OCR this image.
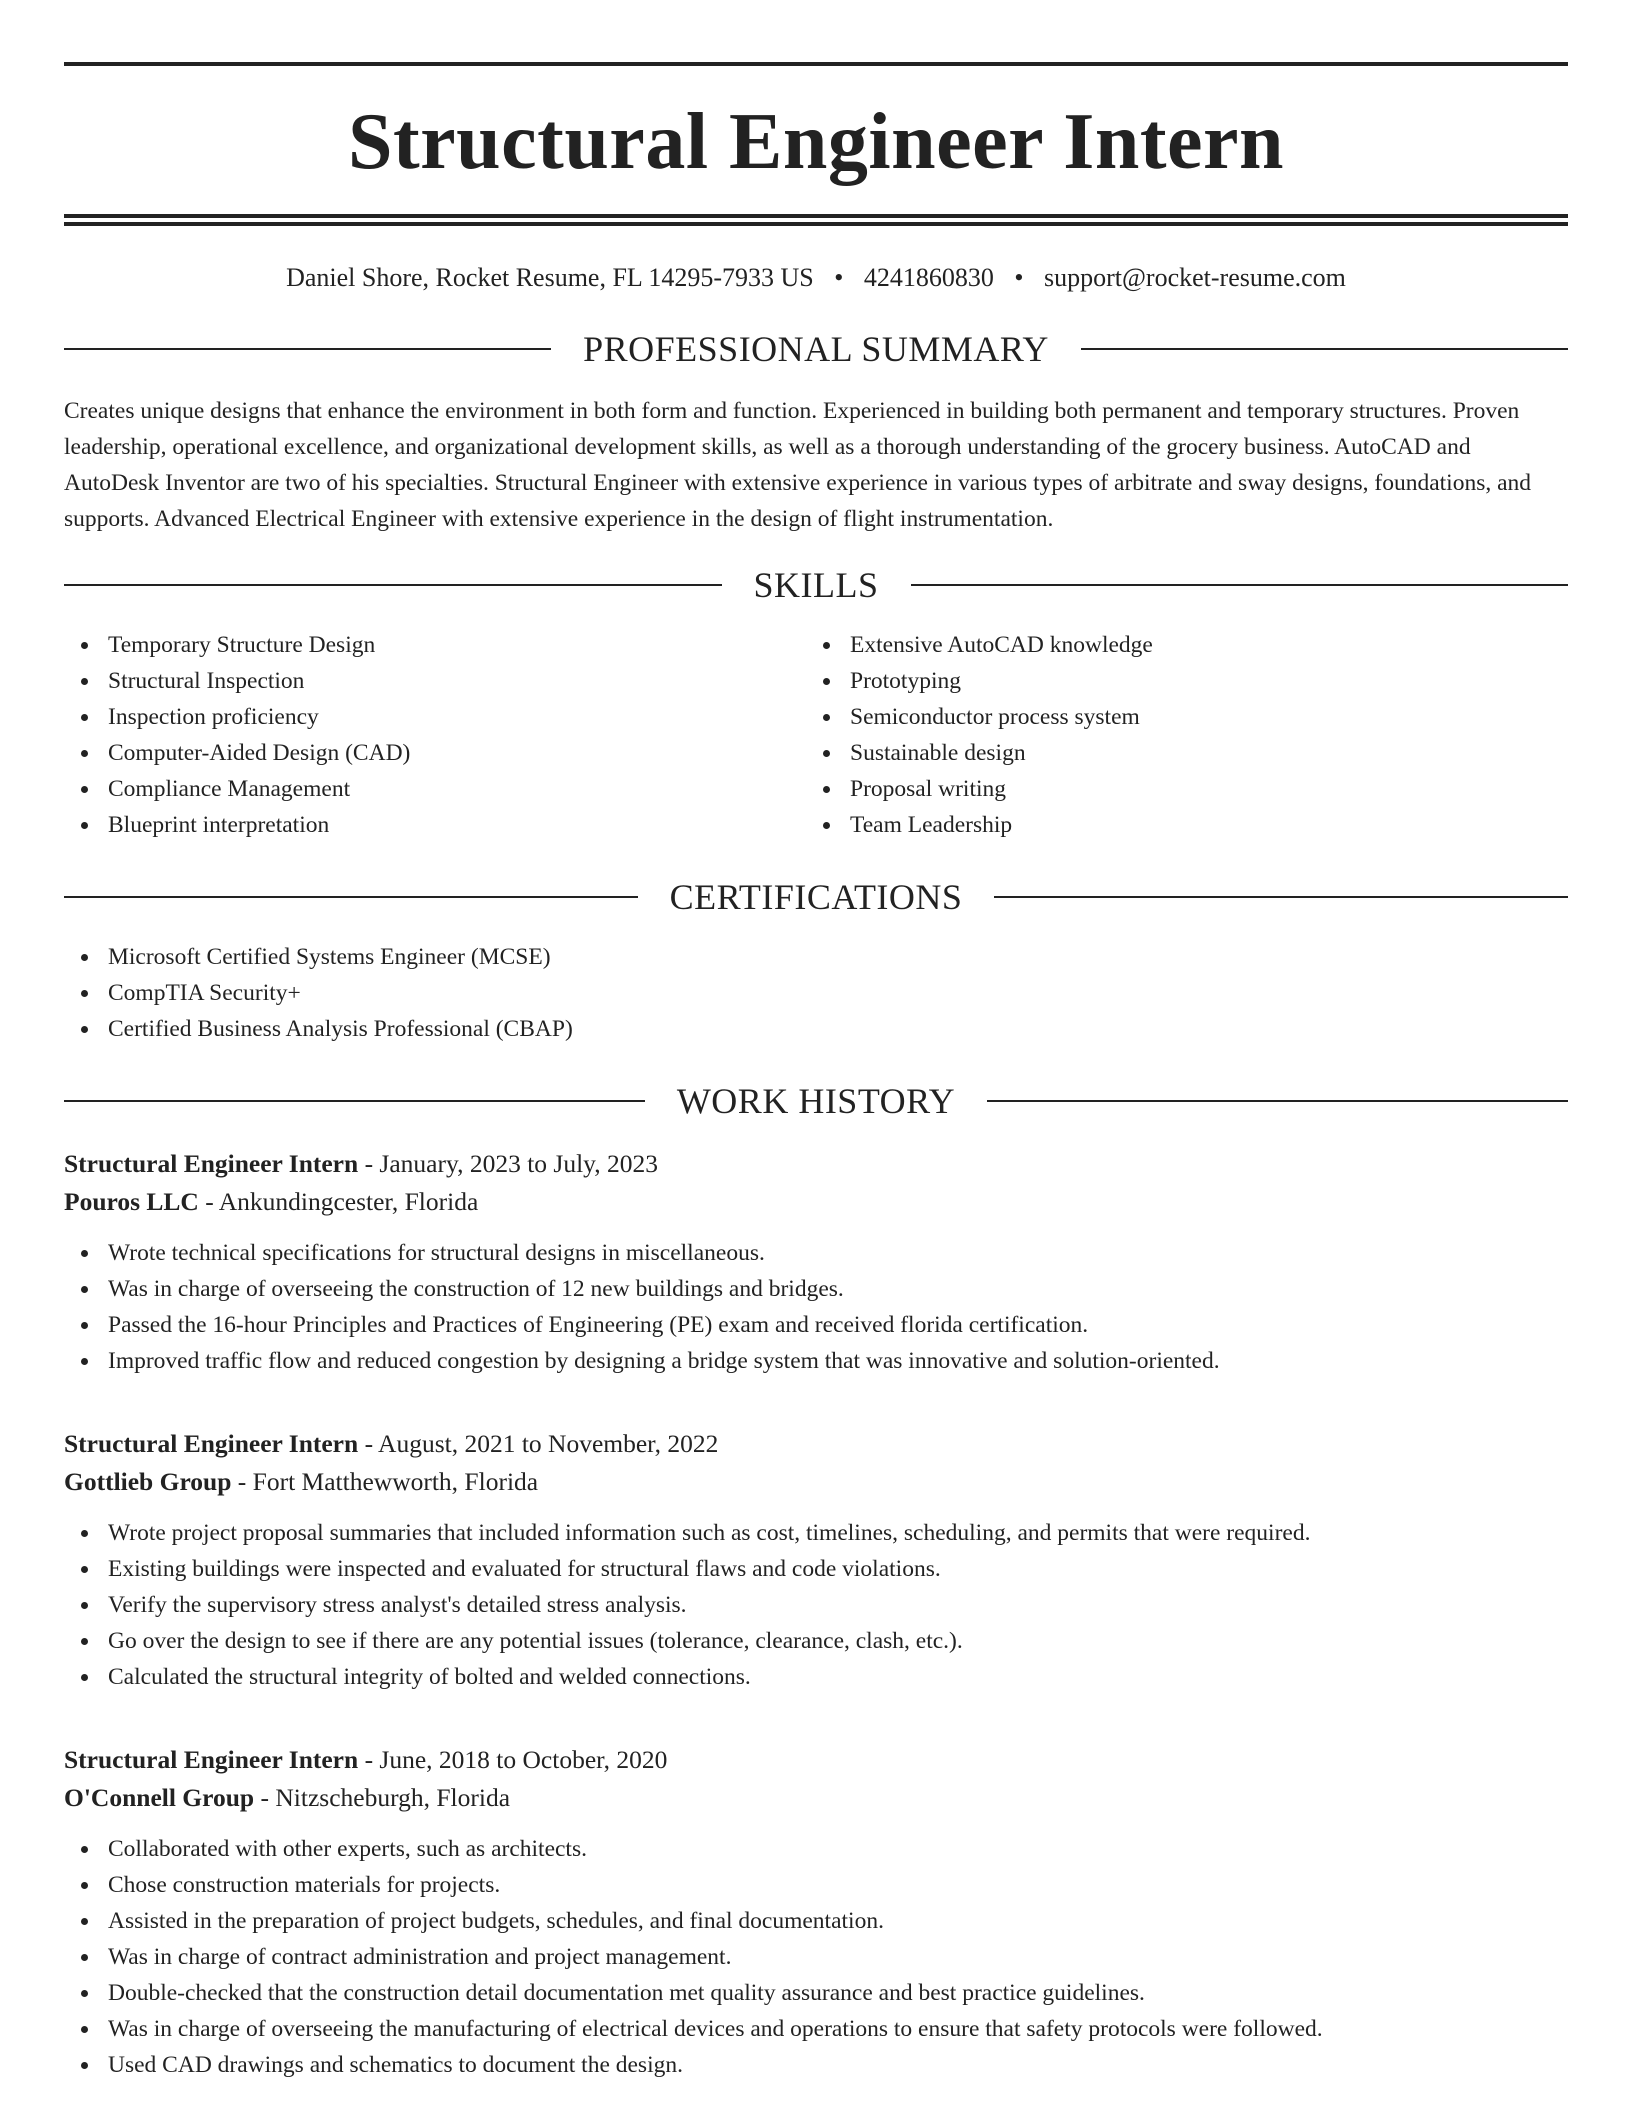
Structural Engineer Intern
Daniel Shore, Rocket Resume, FL 14295-7933 US • 4241860830 • support@rocket-resume.com
PROFESSIONAL SUMMARY

Creates unique designs that enhance the environment in both form and function. Experienced in building both permanent and temporary structures. Proven leadership, operational excellence, and organizational development skills, as well as a thorough understanding of the grocery business. AutoCAD and AutoDesk Inventor are two of his specialties. Structural Engineer with extensive experience in various types of arbitrate and sway designs, foundations, and supports. Advanced Electrical Engineer with extensive experience in the design of flight instrumentation.

SKILLS
Temporary Structure Design
Structural Inspection
Inspection proficiency
Computer-Aided Design (CAD)
Compliance Management
Blueprint interpretation
Extensive AutoCAD knowledge
Prototyping
Semiconductor process system
Sustainable design
Proposal writing
Team Leadership
CERTIFICATIONS
Microsoft Certified Systems Engineer (MCSE)
CompTIA Security+
Certified Business Analysis Professional (CBAP)
WORK HISTORY
Structural Engineer Intern - January, 2023 to July, 2023
Pouros LLC - Ankundingcester, Florida
Wrote technical specifications for structural designs in miscellaneous.
Was in charge of overseeing the construction of 12 new buildings and bridges.
Passed the 16-hour Principles and Practices of Engineering (PE) exam and received florida certification.
Improved traffic flow and reduced congestion by designing a bridge system that was innovative and solution-oriented.
Structural Engineer Intern - August, 2021 to November, 2022
Gottlieb Group - Fort Matthewworth, Florida
Wrote project proposal summaries that included information such as cost, timelines, scheduling, and permits that were required.
Existing buildings were inspected and evaluated for structural flaws and code violations.
Verify the supervisory stress analyst's detailed stress analysis.
Go over the design to see if there are any potential issues (tolerance, clearance, clash, etc.).
Calculated the structural integrity of bolted and welded connections.
Structural Engineer Intern - June, 2018 to October, 2020
O'Connell Group - Nitzscheburgh, Florida
Collaborated with other experts, such as architects.
Chose construction materials for projects.
Assisted in the preparation of project budgets, schedules, and final documentation.
Was in charge of contract administration and project management.
Double-checked that the construction detail documentation met quality assurance and best practice guidelines.
Was in charge of overseeing the manufacturing of electrical devices and operations to ensure that safety protocols were followed.
Used CAD drawings and schematics to document the design.
